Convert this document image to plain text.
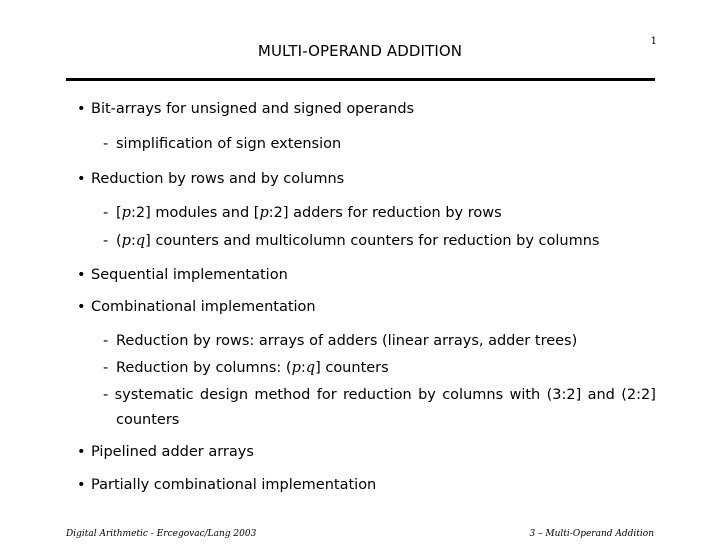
1
MULTI-OPERAND ADDITION
• Bit-arrays for unsigned and signed operands
- simplification of sign extension
• Reduction by rows and by columns
- [p:2] modules and [p:2] adders for reduction by rows
- (p:q] counters and multicolumn counters for reduction by columns
• Sequential implementation
• Combinational implementation
- Reduction by rows: arrays of adders (linear arrays, adder trees)
- Reduction by columns: (p:q] counters
- systematic design method for reduction by columns with (3:2] and (2:2]
counters
• Pipelined adder arrays
• Partially combinational implementation
Digital Arithmetic - Ercegovac/Lang 2003	3 – Multi-Operand Addition
